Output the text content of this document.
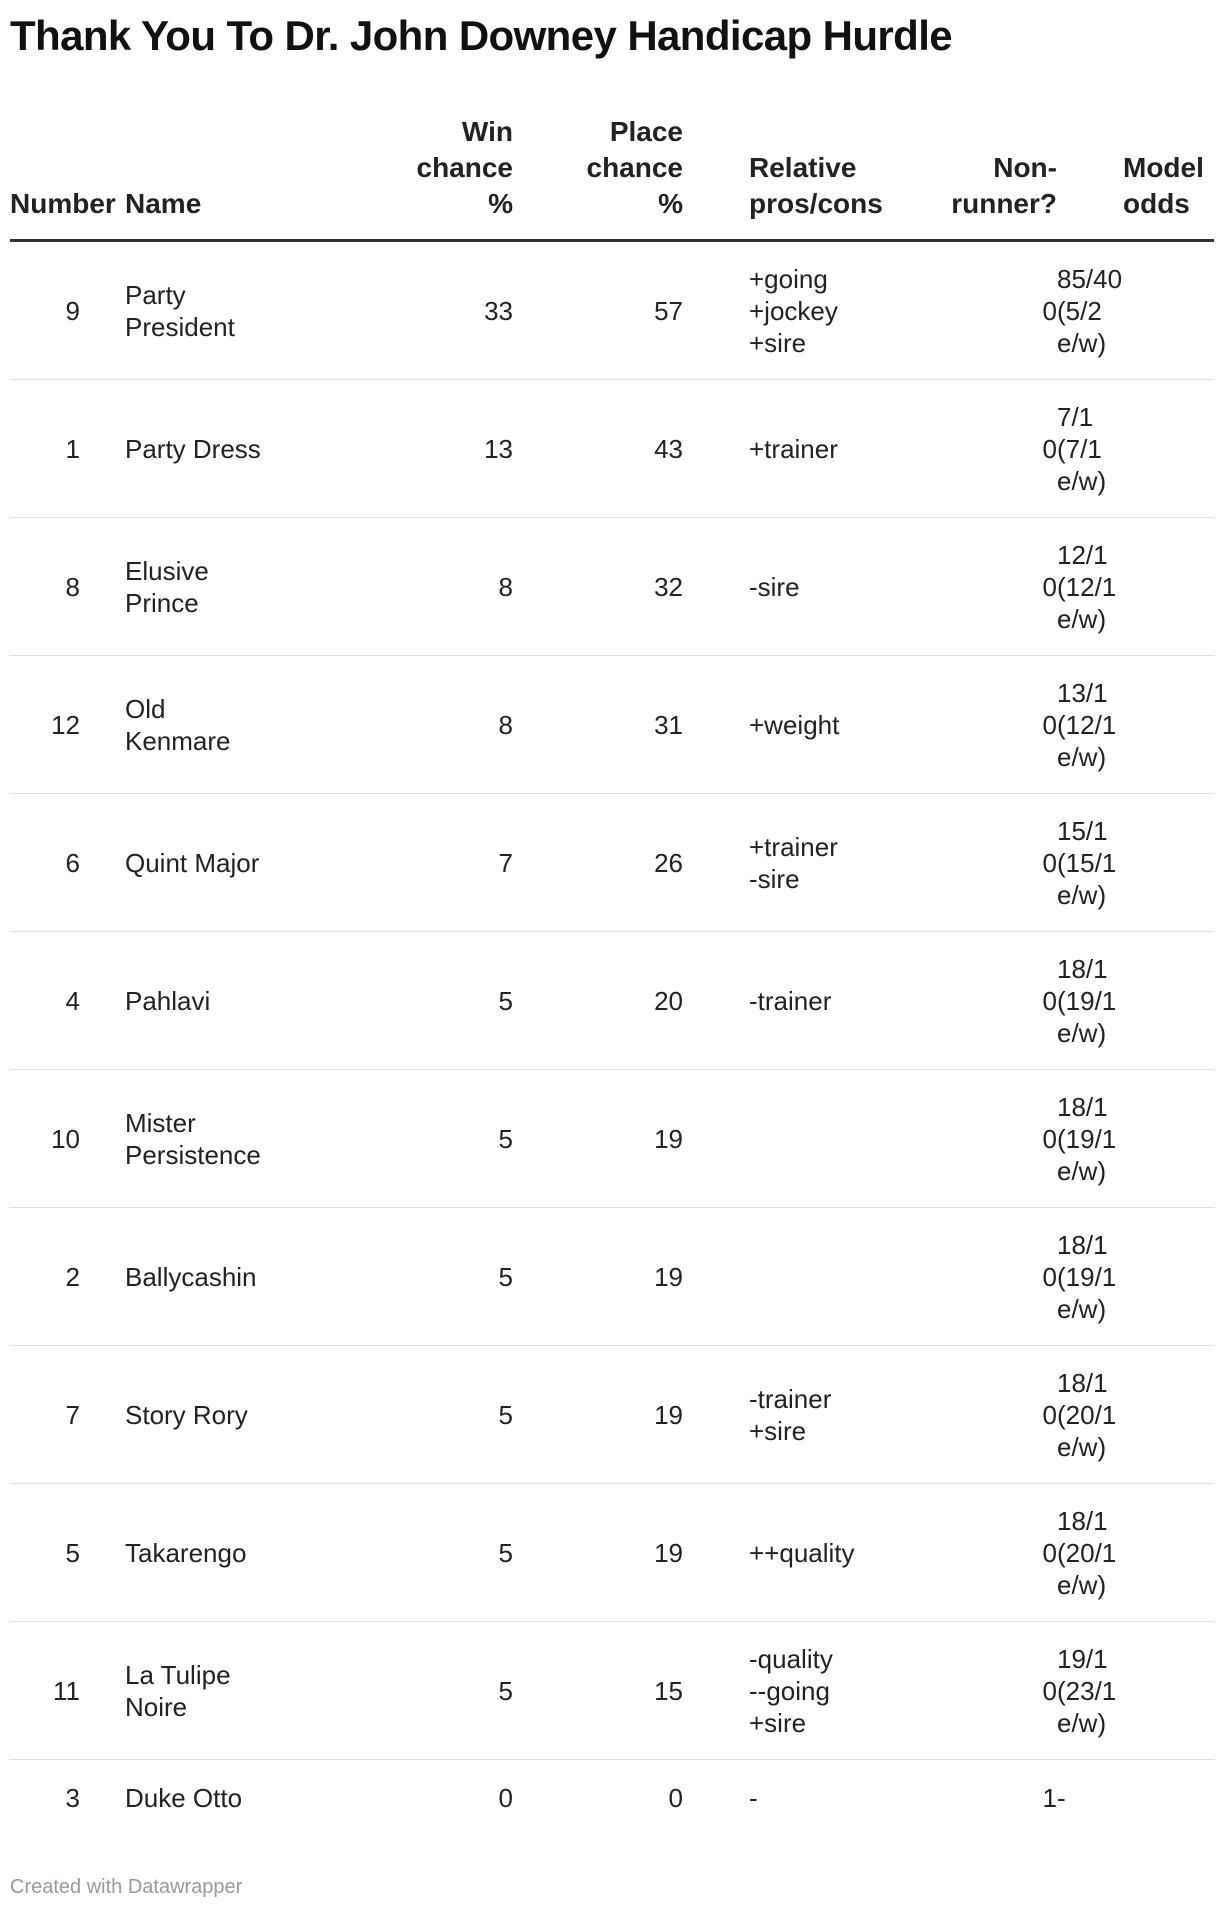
Thank You To Dr. John Downey Handicap Hurdle
Number	Name	Win
chance
%	Place
chance
%	Relative
pros/cons	Non-
runner?	Model
odds

9	Party
President	33	57	+going
+jockey
+sire	0	85/40
(5/2
e/w)

1	Party Dress	13	43	+trainer	0	7/1
(7/1
e/w)

8	Elusive
Prince	8	32	-sire	0	12/1
(12/1
e/w)

12	Old
Kenmare	8	31	+weight	0	13/1
(12/1
e/w)

6	Quint Major	7	26	+trainer
-sire	0	15/1
(15/1
e/w)

4	Pahlavi	5	20	-trainer	0	18/1
(19/1
e/w)

10	Mister
Persistence	5	19		0	18/1
(19/1
e/w)

2	Ballycashin	5	19		0	18/1
(19/1
e/w)

7	Story Rory	5	19	-trainer
+sire	0	18/1
(20/1
e/w)

5	Takarengo	5	19	++quality	0	18/1
(20/1
e/w)

11	La Tulipe
Noire	5	15	-quality
--going
+sire	0	19/1
(23/1
e/w)

3	Duke Otto	0	0	-	1	-
Created with Datawrapper
